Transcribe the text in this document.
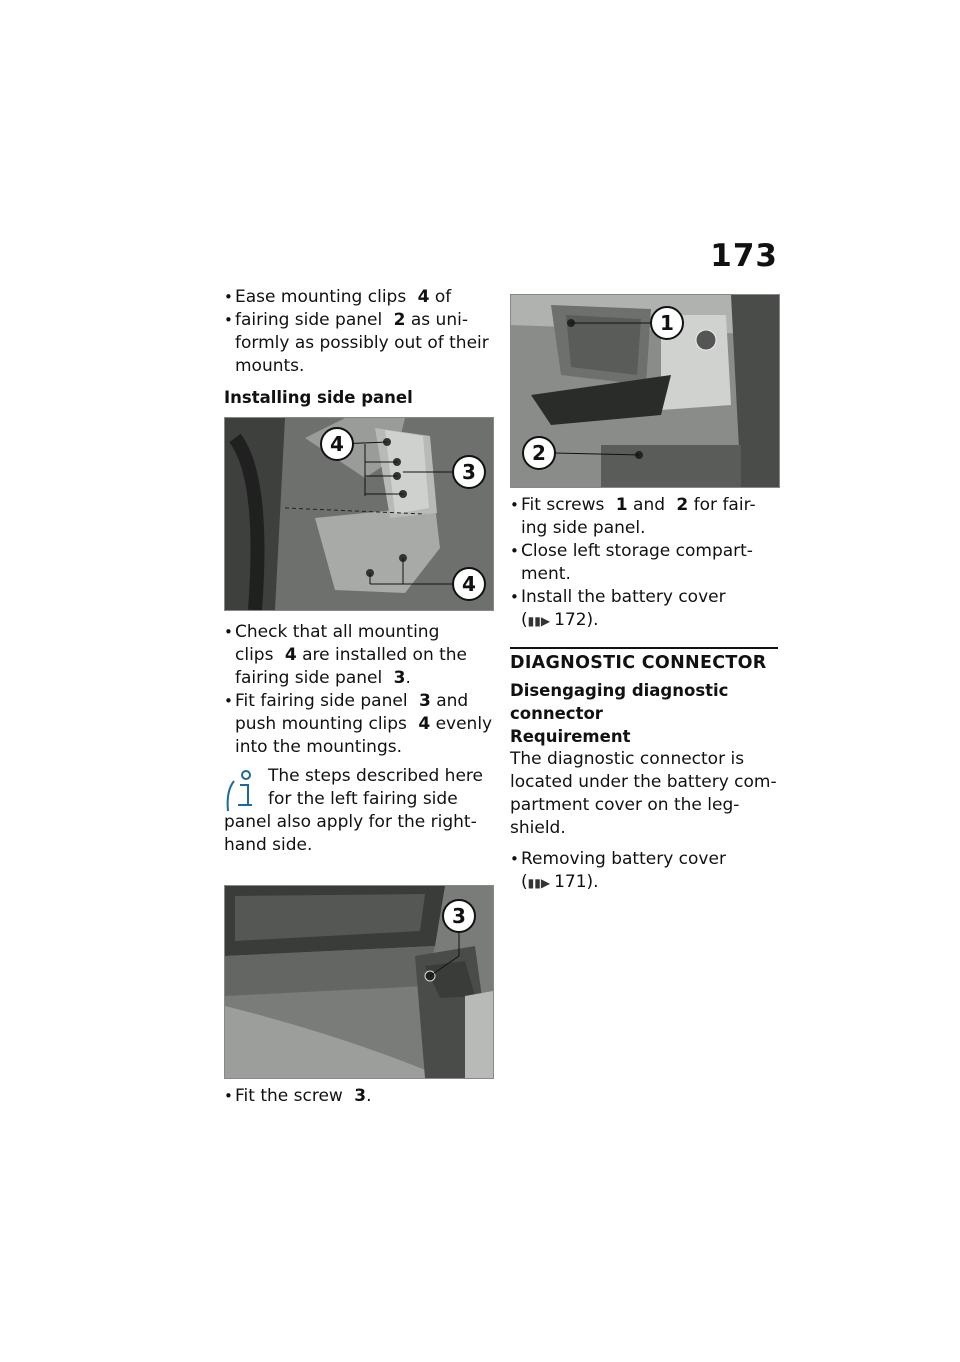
173

• Ease mounting clips 4 of

• fairing side panel 2 as uni-

formly as possibly out of their

mounts.

Installing side panel

4
3
4

• Check that all mounting

clips 4 are installed on the

fairing side panel 3.

• Fit fairing side panel 3 and

push mounting clips 4 evenly

into the mountings.

The steps described here

for the left fairing side

panel also apply for the right-

hand side.

3

• Fit the screw 3.

1
2

• Fit screws 1 and 2 for fair-

ing side panel.

• Close left storage compart-

ment.

• Install the battery cover

(▮▮▶ 172).

DIAGNOSTIC CONNECTOR

Disengaging diagnostic

connector

Requirement

The diagnostic connector is

located under the battery com-

partment cover on the leg-

shield.

• Removing battery cover

(▮▮▶ 171).
